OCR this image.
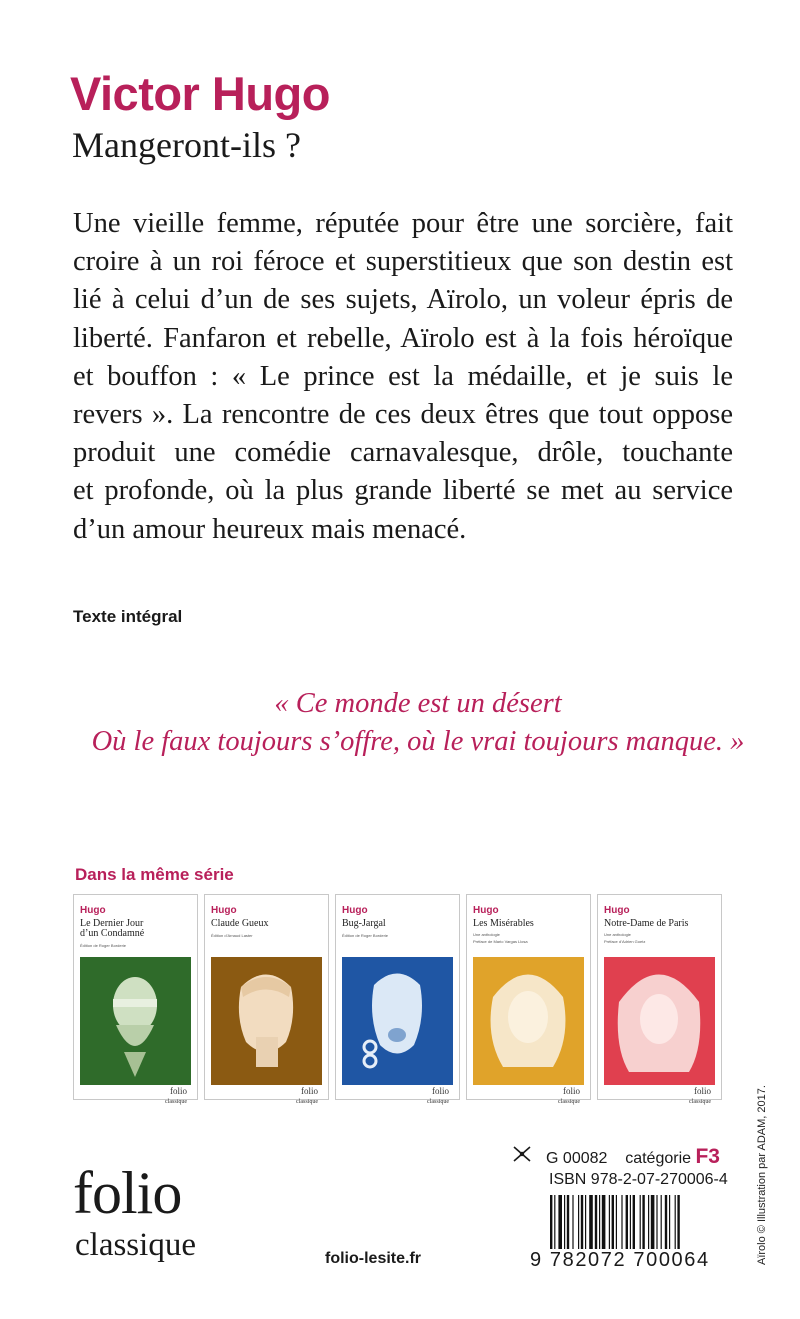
Victor Hugo
Mangeront-ils ?
Une vieille femme, réputée pour être une sorcière, fait
croire à un roi féroce et superstitieux que son destin est
lié à celui d’un de ses sujets, Aïrolo, un voleur épris de
liberté. Fanfaron et rebelle, Aïrolo est à la fois héroïque
et bouffon : « Le prince est la médaille, et je suis le
revers ». La rencontre de ces deux êtres que tout oppose
produit une comédie carnavalesque, drôle, touchante
et profonde, où la plus grande liberté se met au service
d’un amour heureux mais menacé.
Texte intégral
« Ce monde est un désert
Où le faux toujours s’offre, où le vrai toujours manque. »
Dans la même série
Hugo
Le Dernier Jour
d’un Condamné
Édition de Roger Borderie
folio
classique
Hugo
Claude Gueux
Édition d’Arnaud Laster
folio
classique
Hugo
Bug-Jargal
Édition de Roger Borderie
folio
classique
Hugo
Les Misérables
Une anthologie
Préface de Mario Vargas Llosa
folio
classique
Hugo
Notre-Dame de Paris
Une anthologie
Préface d’Adrien Goetz
folio
classique
G 00082 catégorie F3
ISBN 978-2-07-270006-4
9 782072 700064
folio
classique	folio-lesite.fr	Aïrolo © Illustration par ADAM, 2017.
